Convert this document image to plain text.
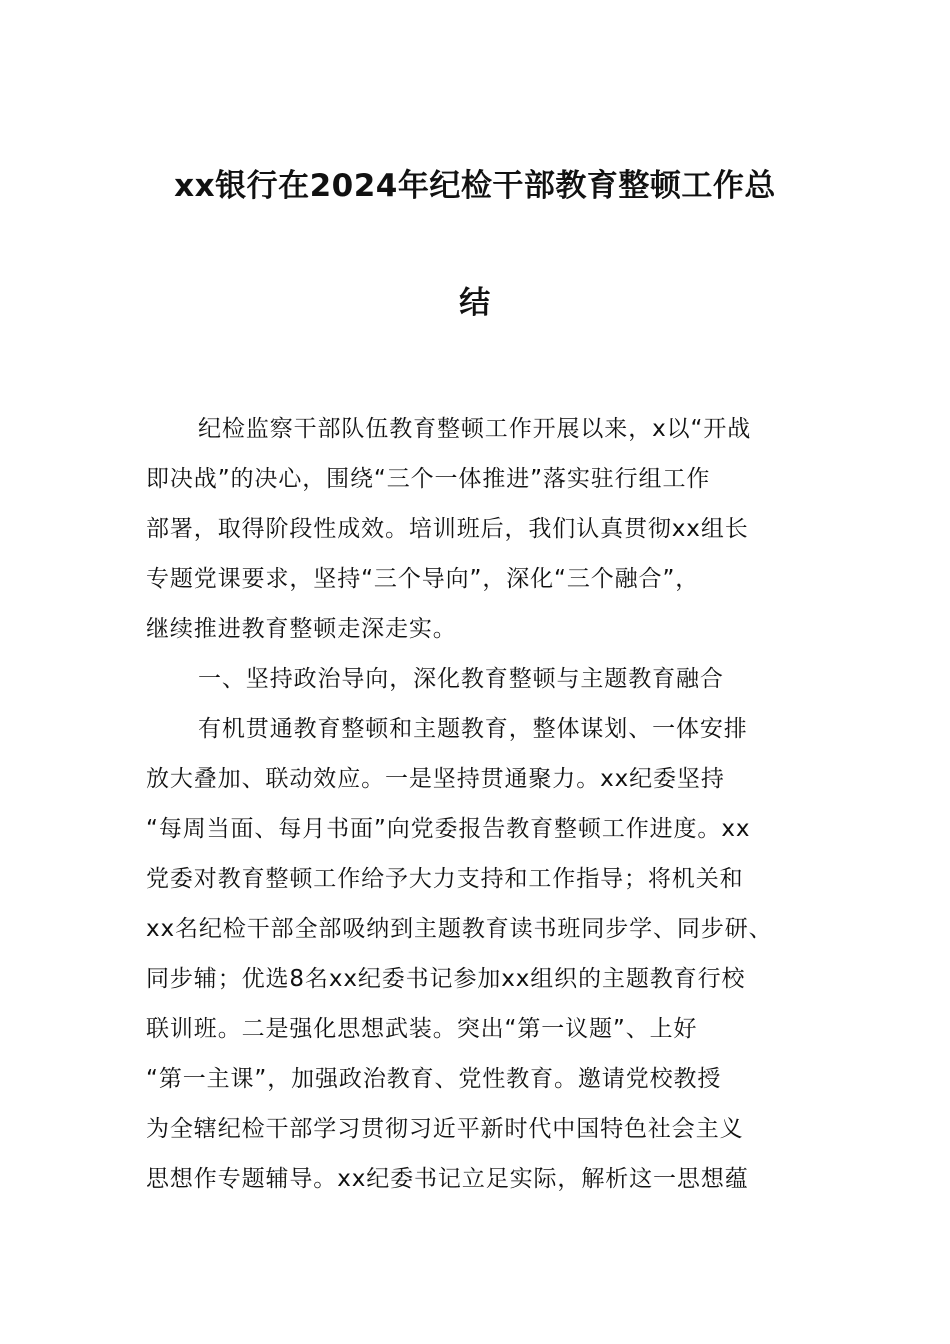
xx银行在2024年纪检干部教育整顿工作总
结
纪检监察干部队伍教育整顿工作开展以来，x以“开战
即决战”的决心，围绕“三个一体推进”落实驻行组工作
部署，取得阶段性成效。培训班后，我们认真贯彻xx组长
专题党课要求，坚持“三个导向”，深化“三个融合”，
继续推进教育整顿走深走实。
一、坚持政治导向，深化教育整顿与主题教育融合
有机贯通教育整顿和主题教育，整体谋划、一体安排
放大叠加、联动效应。一是坚持贯通聚力。xx纪委坚持
“每周当面、每月书面”向党委报告教育整顿工作进度。xx
党委对教育整顿工作给予大力支持和工作指导；将机关和
xx名纪检干部全部吸纳到主题教育读书班同步学、同步研、
同步辅；优选8名xx纪委书记参加xx组织的主题教育行校
联训班。二是强化思想武装。突出“第一议题”、上好
“第一主课”，加强政治教育、党性教育。邀请党校教授
为全辖纪检干部学习贯彻习近平新时代中国特色社会主义
思想作专题辅导。xx纪委书记立足实际，解析这一思想蕴
